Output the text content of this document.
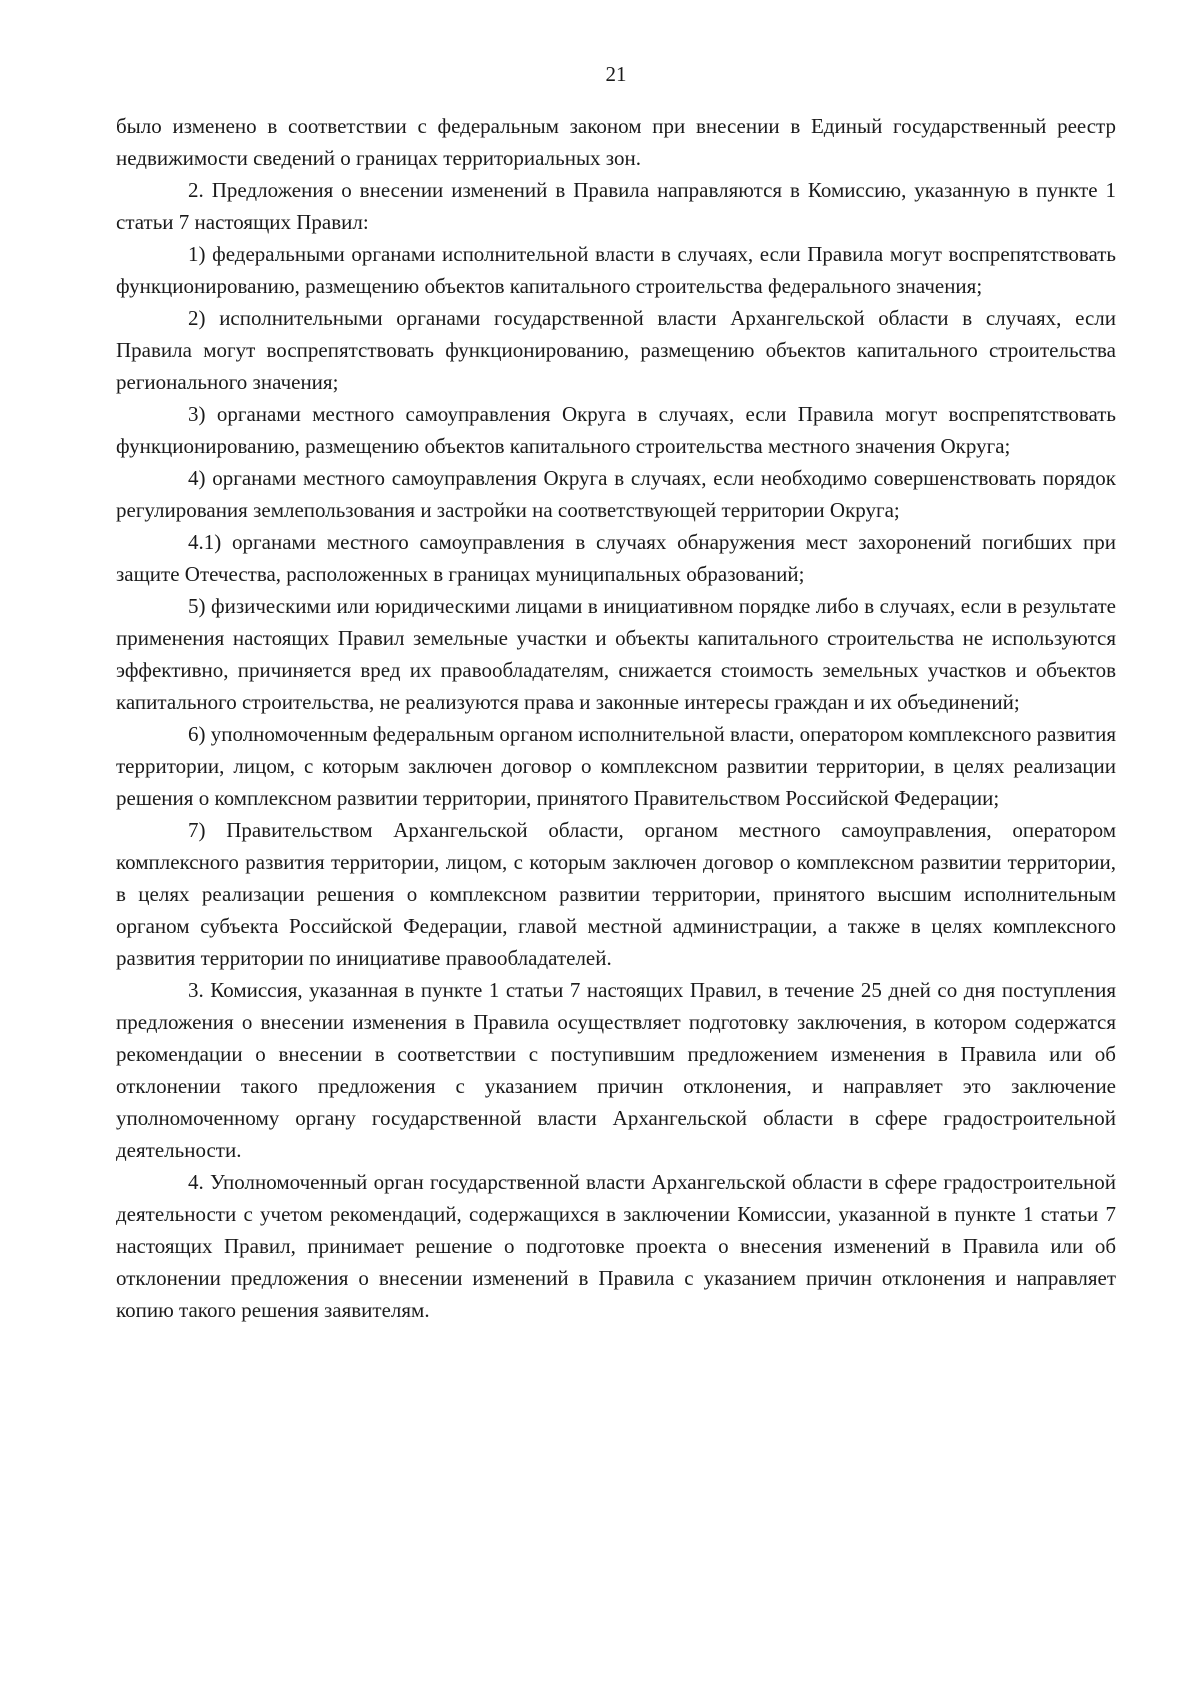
21

было изменено в соответствии с федеральным законом при внесении в Единый государственный реестр недвижимости сведений о границах территориальных зон.

2. Предложения о внесении изменений в Правила направляются в Комиссию, указанную в пункте 1 статьи 7 настоящих Правил:

1) федеральными органами исполнительной власти в случаях, если Правила могут воспрепятствовать функционированию, размещению объектов капитального строительства федерального значения;

2) исполнительными органами государственной власти Архангельской области в случаях, если Правила могут воспрепятствовать функционированию, размещению объектов капитального строительства регионального значения;

3) органами местного самоуправления Округа в случаях, если Правила могут воспрепятствовать функционированию, размещению объектов капитального строительства местного значения Округа;

4) органами местного самоуправления Округа в случаях, если необходимо совершенствовать порядок регулирования землепользования и застройки на соответствующей территории Округа;

4.1) органами местного самоуправления в случаях обнаружения мест захоронений погибших при защите Отечества, расположенных в границах муниципальных образований;

5) физическими или юридическими лицами в инициативном порядке либо в случаях, если в результате применения настоящих Правил земельные участки и объекты капитального строительства не используются эффективно, причиняется вред их правообладателям, снижается стоимость земельных участков и объектов капитального строительства, не реализуются права и законные интересы граждан и их объединений;

6) уполномоченным федеральным органом исполнительной власти, оператором комплексного развития территории, лицом, с которым заключен договор о комплексном развитии территории, в целях реализации решения о комплексном развитии территории, принятого Правительством Российской Федерации;

7) Правительством Архангельской области, органом местного самоуправления, оператором комплексного развития территории, лицом, с которым заключен договор о комплексном развитии территории, в целях реализации решения о комплексном развитии территории, принятого высшим исполнительным органом субъекта Российской Федерации, главой местной администрации, а также в целях комплексного развития территории по инициативе правообладателей.

3. Комиссия, указанная в пункте 1 статьи 7 настоящих Правил, в течение 25 дней со дня поступления предложения о внесении изменения в Правила осуществляет подготовку заключения, в котором содержатся рекомендации о внесении в соответствии с поступившим предложением изменения в Правила или об отклонении такого предложения с указанием причин отклонения, и направляет это заключение уполномоченному органу государственной власти Архангельской области в сфере градостроительной деятельности.

4. Уполномоченный орган государственной власти Архангельской области в сфере градостроительной деятельности с учетом рекомендаций, содержащихся в заключении Комиссии, указанной в пункте 1 статьи 7 настоящих Правил, принимает решение о подготовке проекта о внесения изменений в Правила или об отклонении предложения о внесении изменений в Правила с указанием причин отклонения и направляет копию такого решения заявителям.
